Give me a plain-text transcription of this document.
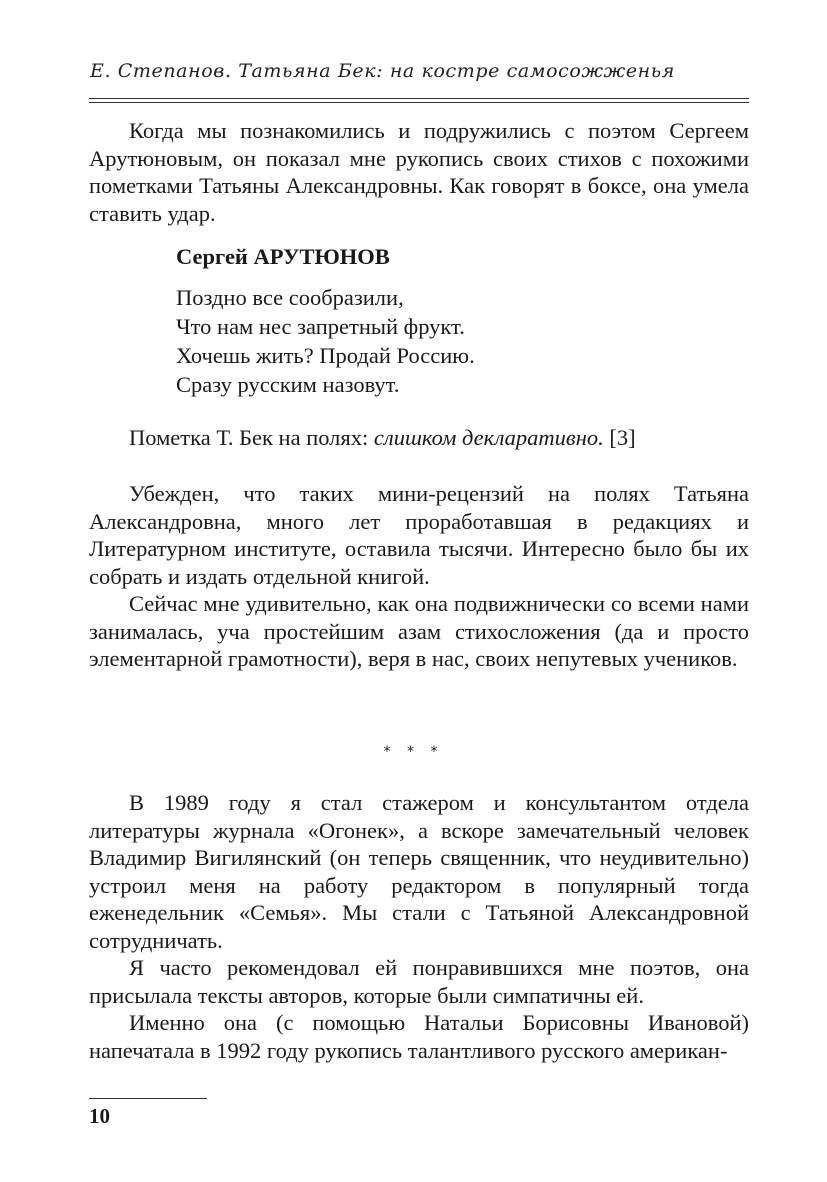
Е. Степанов. Татьяна Бек: на костре самосожженья

Когда мы познакомились и подружились с поэтом Сергеем Арутюновым, он показал мне рукопись своих стихов с похожими пометками Татьяны Александровны. Как говорят в боксе, она умела ставить удар.

Сергей АРУТЮНОВ

Поздно все сообразили,

Что нам нес запретный фрукт.

Хочешь жить? Продай Россию.

Сразу русским назовут.

Пометка Т. Бек на полях: слишком декларативно. [3]

Убежден, что таких мини-рецензий на полях Татьяна Александровна, много лет проработавшая в редакциях и Литературном институте, оставила тысячи. Интересно было бы их собрать и издать отдельной книгой.

Сейчас мне удивительно, как она подвижнически со всеми нами занималась, уча простейшим азам стихосложения (да и просто элементарной грамотности), веря в нас, своих непутевых учеников.

* * *

В 1989 году я стал стажером и консультантом отдела литературы журнала «Огонек», а вскоре замечательный человек Владимир Вигилянский (он теперь священник, что неудивительно) устроил меня на работу редактором в популярный тогда еженедельник «Семья». Мы стали с Татьяной Александровной сотрудничать.

Я часто рекомендовал ей понравившихся мне поэтов, она присылала тексты авторов, которые были симпатичны ей.

Именно она (с помощью Натальи Борисовны Ивановой) напечатала в 1992 году рукопись талантливого русского американ-

10
